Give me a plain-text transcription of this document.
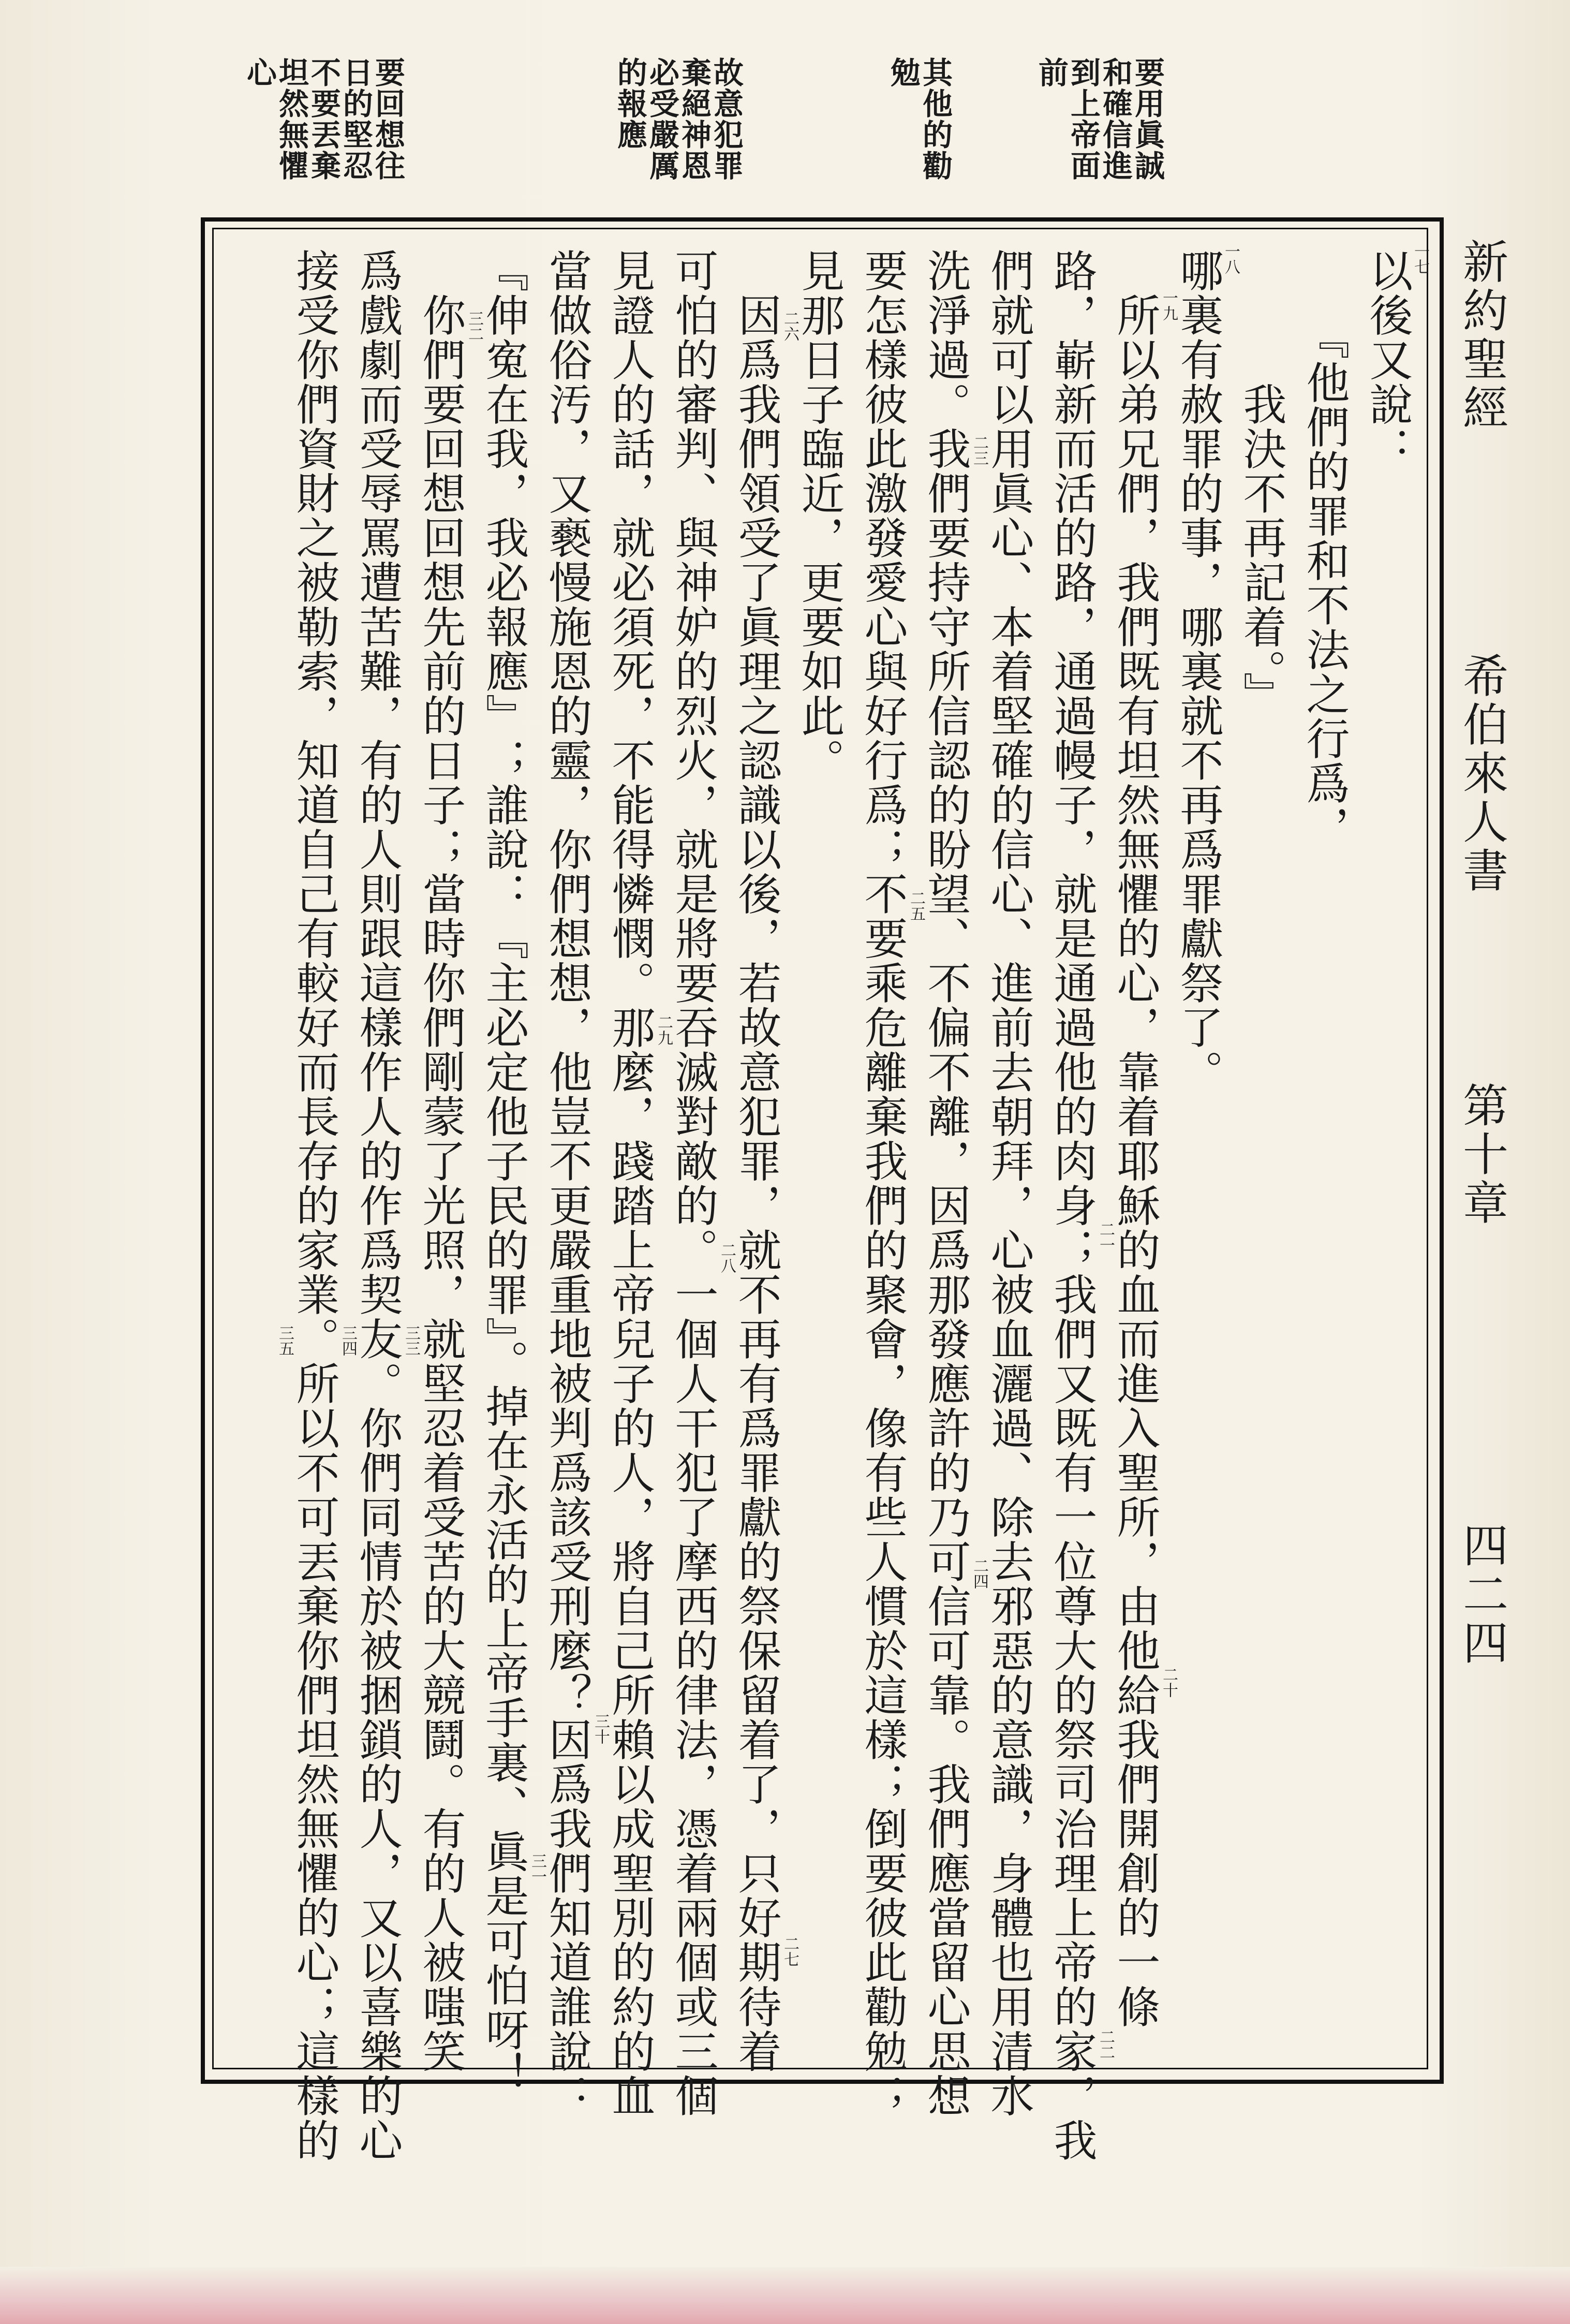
新約聖經
希伯來人書
第十章
四二四
要用眞誠
和確信進
到上帝面
前
其他的勸
勉
故意犯罪
棄絕神恩
必受嚴厲
的報應
要回想往
日的堅忍
不要丟棄
坦然無懼
心
以後又說：
　　『他們的罪和不法之行爲，
　　　我決不再記着。』
哪裏有赦罪的事，哪裏就不再爲罪獻祭了。
　所以弟兄們，我們既有坦然無懼的心，靠着耶穌的血而進入聖所，由他給我們開創的一條
路，嶄新而活的路，通過幔子，就是通過他的肉身；我們又既有一位尊大的祭司治理上帝的家，我
們就可以用眞心、本着堅確的信心、進前去朝拜，心被血灑過、除去邪惡的意識，身體也用清水
洗淨過。我們要持守所信認的盼望、不偏不離，因爲那發應許的乃可信可靠。我們應當留心思想
要怎樣彼此激發愛心與好行爲；不要乘危離棄我們的聚會，像有些人慣於這樣；倒要彼此勸勉；
見那日子臨近，更要如此。
　因爲我們領受了眞理之認識以後，若故意犯罪，就不再有爲罪獻的祭保留着了，只好期待着
可怕的審判、與神妒的烈火，就是將要吞滅對敵的。一個人干犯了摩西的律法，憑着兩個或三個
見證人的話，就必須死，不能得憐憫。那麼，踐踏上帝兒子的人，將自己所賴以成聖別的約的血
當做俗汚，又褻慢施恩的靈，你們想想，他豈不更嚴重地被判爲該受刑麼？因爲我們知道誰說：
『伸寃在我，我必報應』；誰說：『主必定他子民的罪』。掉在永活的上帝手裏、眞是可怕呀！
　你們要回想回想先前的日子；當時你們剛蒙了光照，就堅忍着受苦的大競鬪。有的人被嗤笑
爲戲劇而受辱罵遭苦難，有的人則跟這樣作人的作爲契友。你們同情於被捆鎖的人，又以喜樂的心
接受你們資財之被勒索，知道自己有較好而長存的家業。所以不可丟棄你們坦然無懼的心；這樣的	一七
一八
一九
二十
二一
二二
二三
二四
二五
二六
二七
二八
二九
三十
三一
三二
三三
三四
三五
